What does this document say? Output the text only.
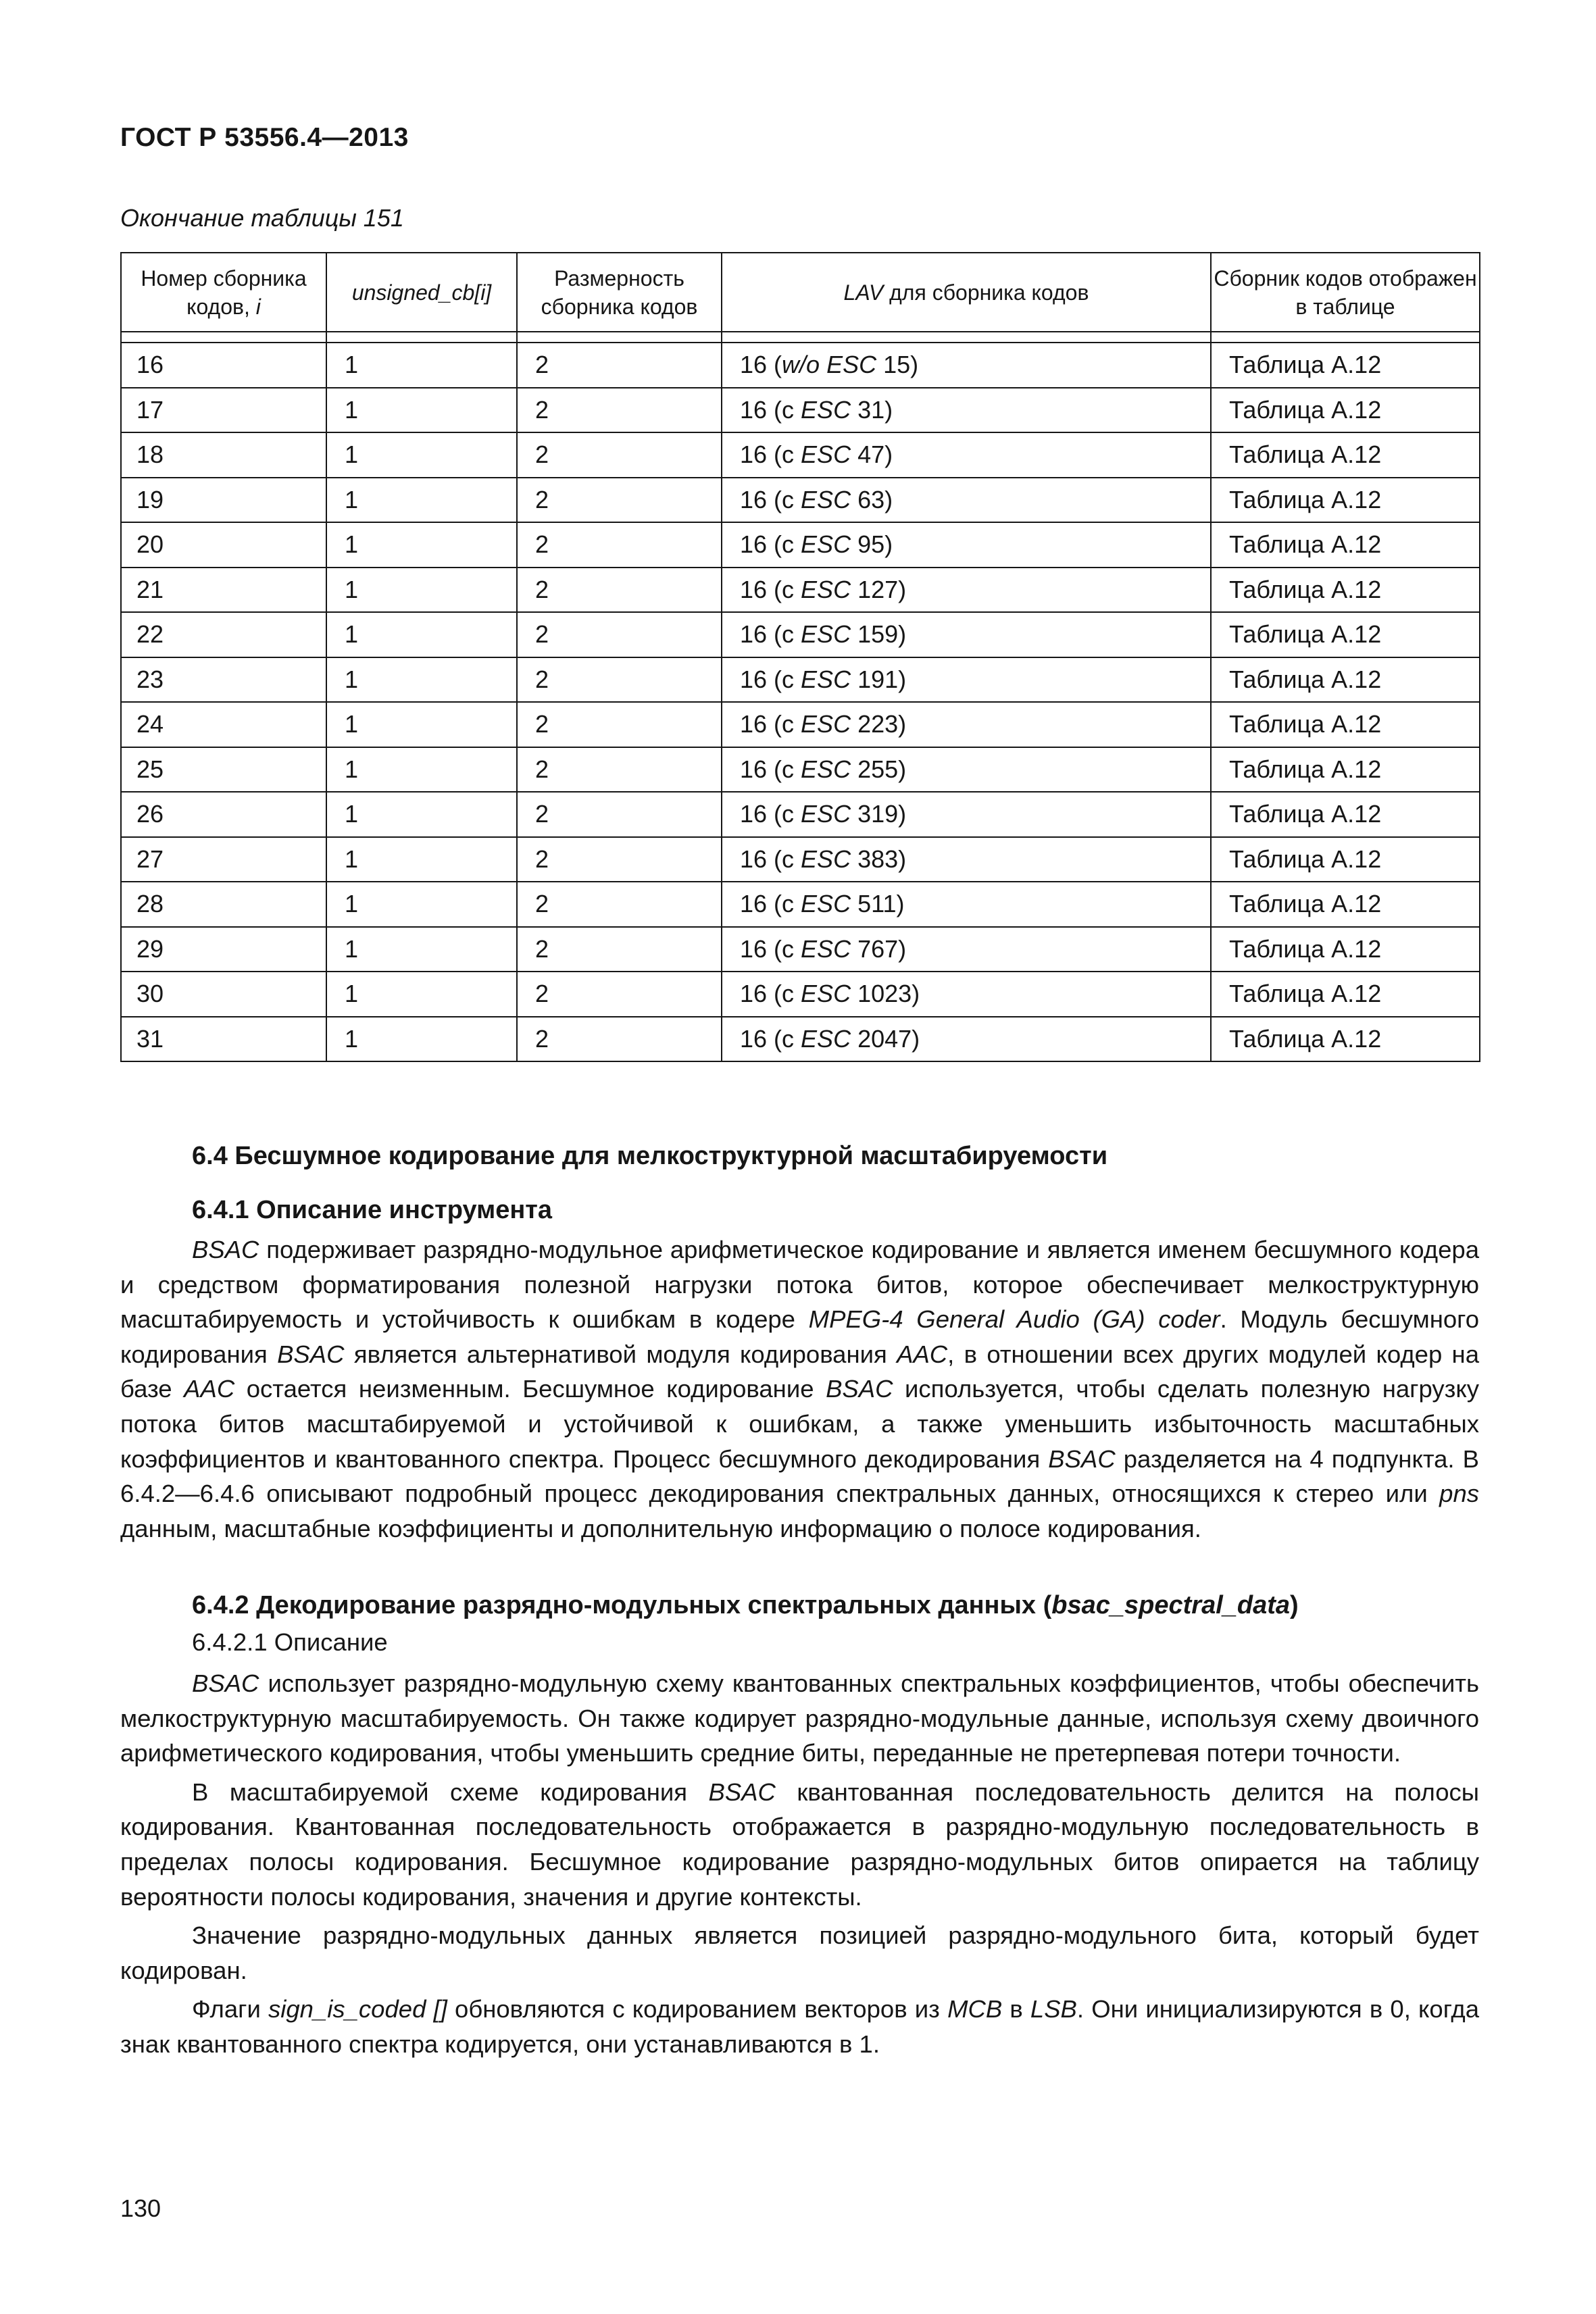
ГОСТ Р 53556.4—2013
Окончание таблицы 151
Номер сборника кодов, i	unsigned_cb[i]	Размерность сборника кодов	LAV для сборника кодов	Сборник кодов отображен в таблице

16	1	2	16 (w/o ESC 15)	Таблица А.12
17	1	2	16 (с ESC 31)	Таблица А.12
18	1	2	16 (с ESC 47)	Таблица А.12
19	1	2	16 (с ESC 63)	Таблица А.12
20	1	2	16 (с ESC 95)	Таблица А.12
21	1	2	16 (с ESC 127)	Таблица А.12
22	1	2	16 (с ESC 159)	Таблица А.12
23	1	2	16 (с ESC 191)	Таблица А.12
24	1	2	16 (с ESC 223)	Таблица А.12
25	1	2	16 (с ESC 255)	Таблица А.12
26	1	2	16 (с ESC 319)	Таблица А.12
27	1	2	16 (с ESC 383)	Таблица А.12
28	1	2	16 (с ESC 511)	Таблица А.12
29	1	2	16 (с ESC 767)	Таблица А.12
30	1	2	16 (с ESC 1023)	Таблица А.12
31	1	2	16 (с ESC 2047)	Таблица А.12
6.4 Бесшумное кодирование для мелкоструктурной масштабируемости
6.4.1 Описание инструмента

BSAC подерживает разрядно-модульное арифметическое кодирование и является именем бесшумного кодера и средством форматирования полезной нагрузки потока битов, которое обеспечивает мелкоструктурную масштабируемость и устойчивость к ошибкам в кодере MPEG-4 General Audio (GA) coder. Модуль бесшумного кодирования BSAC является альтернативой модуля кодирования AAC, в отношении всех других модулей кодер на базе AAC остается неизменным. Бесшумное кодирование BSAC используется, чтобы сделать полезную нагрузку потока битов масштабируемой и устойчивой к ошибкам, а также уменьшить избыточность масштабных коэффициентов и квантованного спектра. Процесс бесшумного декодирования BSAC разделяется на 4 подпункта. В 6.4.2—6.4.6 описывают подробный процесс декодирования спектральных данных, относящихся к стерео или pns данным, масштабные коэффициенты и дополнительную информацию о полосе кодирования.

6.4.2 Декодирование разрядно-модульных спектральных данных (bsac_spectral_data)
6.4.2.1 Описание

BSAC использует разрядно-модульную схему квантованных спектральных коэффициентов, чтобы обеспечить мелкоструктурную масштабируемость. Он также кодирует разрядно-модульные данные, используя схему двоичного арифметического кодирования, чтобы уменьшить средние биты, переданные не претерпевая потери точности.

В масштабируемой схеме кодирования BSAC квантованная последовательность делится на полосы кодирования. Квантованная последовательность отображается в разрядно-модульную последовательность в пределах полосы кодирования. Бесшумное кодирование разрядно-модульных битов опирается на таблицу вероятности полосы кодирования, значения и другие контексты.

Значение разрядно-модульных данных является позицией разрядно-модульного бита, который будет кодирован.

Флаги sign_is_coded [] обновляются с кодированием векторов из MCB в LSB. Они инициализируются в 0, когда знак квантованного спектра кодируется, они устанавливаются в 1.

130
